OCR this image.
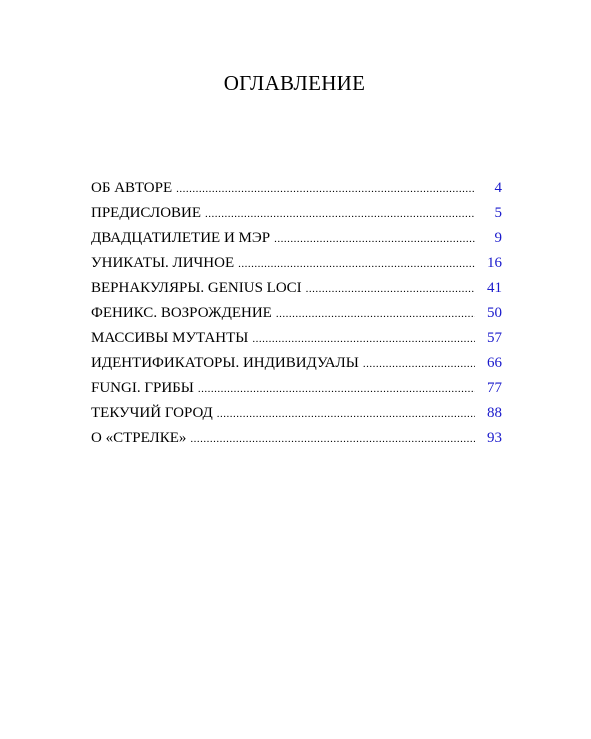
ОГЛАВЛЕНИЕ
ОБ АВТОРЕ .....	4
ПРЕДИСЛОВИЕ .....	5
ДВАДЦАТИЛЕТИЕ И МЭР .....	9
УНИКАТЫ. ЛИЧНОЕ .....	16
ВЕРНАКУЛЯРЫ. GENIUS LOCI .....	41
ФЕНИКС. ВОЗРОЖДЕНИЕ .....	50
МАССИВЫ МУТАНТЫ .....	57
ИДЕНТИФИКАТОРЫ. ИНДИВИДУАЛЫ .....	66
FUNGI. ГРИБЫ .....	77
ТЕКУЧИЙ ГОРОД .....	88
О «СТРЕЛКЕ» .....	93
